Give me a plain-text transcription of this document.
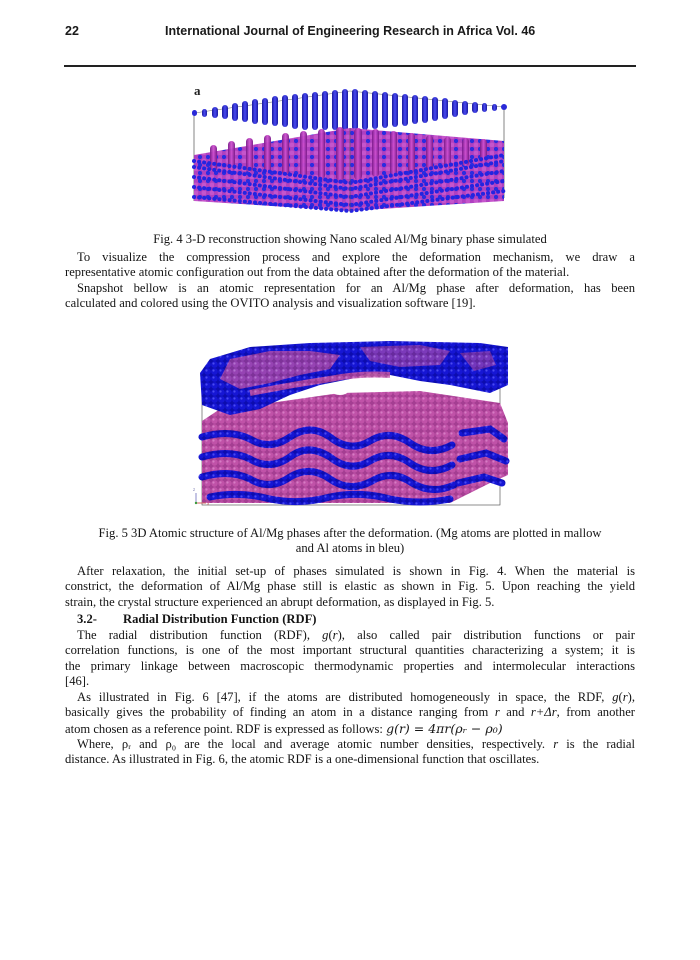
22	International Journal of Engineering Research in Africa Vol. 46
a

Fig. 4 3-D reconstruction showing Nano scaled Al/Mg binary phase simulated

To visualize the compression process and explore the deformation mechanism, we draw a

representative atomic configuration out from the data obtained after the deformation of the material.

Snapshot bellow is an atomic representation for an Al/Mg phase after deformation, has been

calculated and colored using the OVITO analysis and visualization software [19].

z
x

Fig. 5 3D Atomic structure of Al/Mg phases after the deformation. (Mg atoms are plotted in mallow

and Al atoms in bleu)

After relaxation, the initial set-up of phases simulated is shown in Fig. 4. When the material is

constrict, the deformation of Al/Mg phase still is elastic as shown in Fig. 5. Upon reaching the yield

strain, the crystal structure experienced an abrupt deformation, as displayed in Fig. 5.

3.2- Radial Distribution Function (RDF)

The radial distribution function (RDF), g(r), also called pair distribution functions or pair

correlation functions, is one of the most important structural quantities characterizing a system; it is

the primary linkage between macroscopic thermodynamic properties and intermolecular interactions

[46].

As illustrated in Fig. 6 [47], if the atoms are distributed homogeneously in space, the RDF, g(r),

basically gives the probability of finding an atom in a distance ranging from r and r+Δr, from another

atom chosen as a reference point. RDF is expressed as follows: g(r) = 4πr(ρᵣ − ρ₀)

Where, ρᵣ and ρ₀ are the local and average atomic number densities, respectively. r is the radial

distance. As illustrated in Fig. 6, the atomic RDF is a one-dimensional function that oscillates.
